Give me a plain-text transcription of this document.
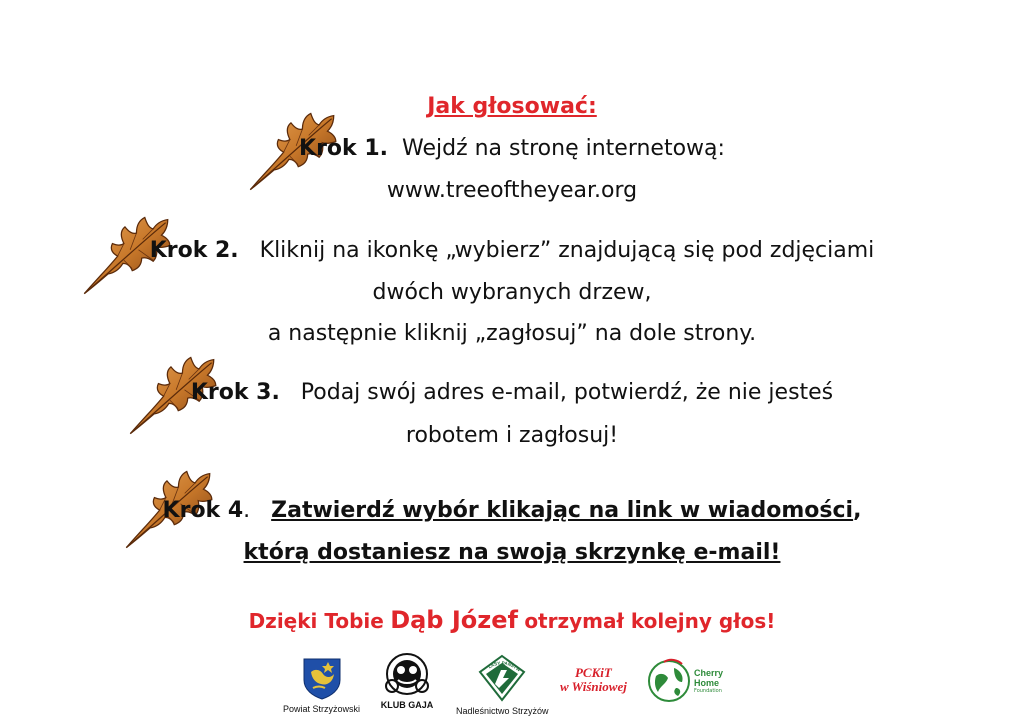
Jak głosować:
Krok 1. Wejdź na stronę internetową:
www.treeoftheyear.org
Krok 2. Kliknij na ikonkę „wybierz” znajdującą się pod zdjęciami
dwóch wybranych drzew,
a następnie kliknij „zagłosuj” na dole strony.
Krok 3. Podaj swój adres e-mail, potwierdź, że nie jesteś
robotem i zagłosuj!
Krok 4. Zatwierdź wybór klikając na link w wiadomości,
którą dostaniesz na swoją skrzynkę e-mail!
Dzięki Tobie Dąb Józef otrzymał kolejny głos!
Powiat Strzyżowski KLUB GAJA
LASY PAŃSTW
Nadleśnictwo Strzyżów
PCKiT
w Wiśniowej
Cherry
Home
Foundation
